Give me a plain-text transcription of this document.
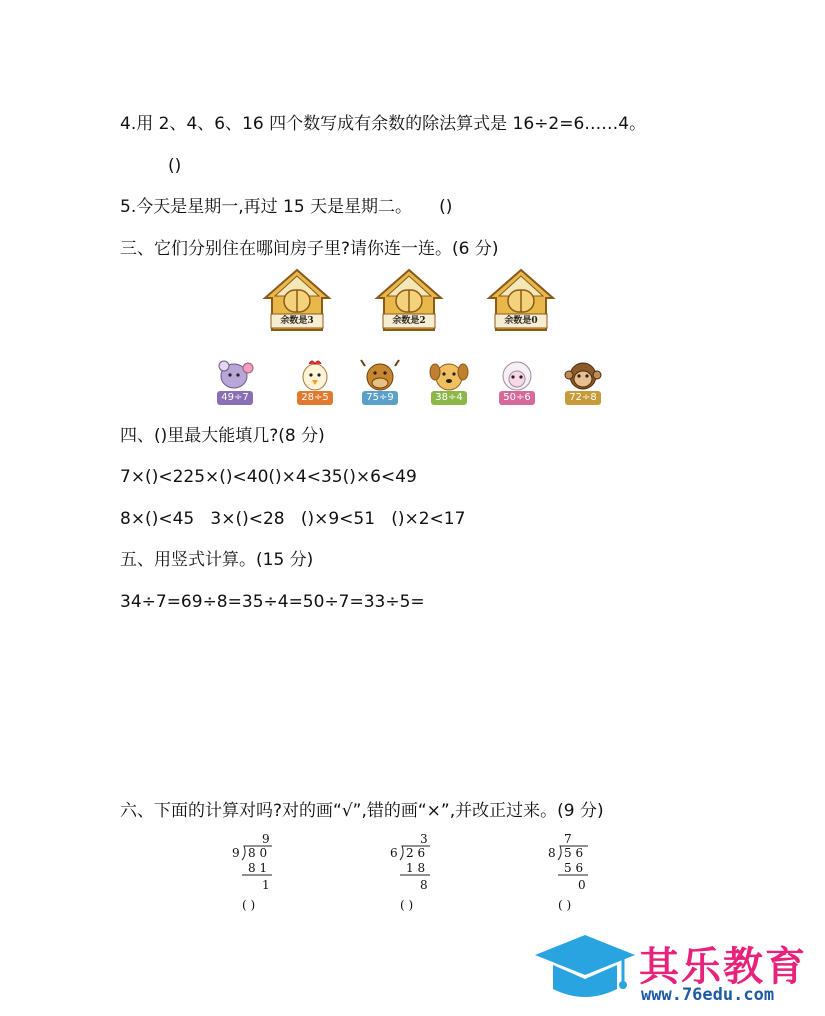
4.用 2、4、6、16 四个数写成有余数的除法算式是 16÷2=6……4。
()
5.今天是星期一,再过 15 天是星期二。     ()
三、它们分别住在哪间房子里?请你连一连。(6 分)
余数是3	余数是2	余数是0
49÷7	28÷5	75÷9	38÷4	50÷6	72÷8
四、()里最大能填几?(8 分)
7×()<225×()<40()×4<35()×6<49
8×()<45   3×()<28   ()×9<51   ()×2<17
五、用竖式计算。(15 分)
34÷7=69÷8=35÷4=50÷7=33÷5=
六、下面的计算对吗?对的画“√”,错的画“×”,并改正过来。(9 分)
9
9 8 0
8 1
1
( )
3
6 2 6
1 8
8
( )
7
8 5 6
5 6
0
( )
其乐教育
www.76edu.com
